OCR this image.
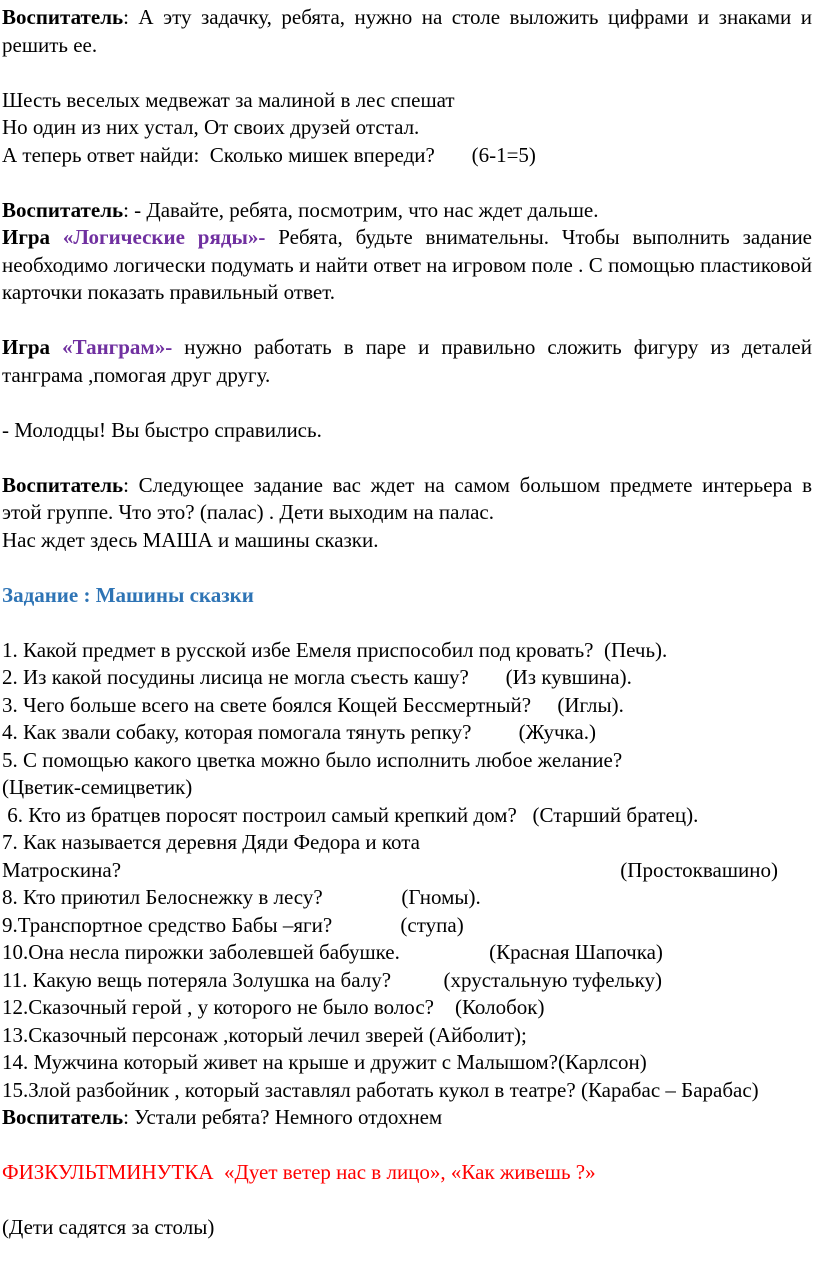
Воспитатель: А эту задачку, ребята, нужно на столе выложить цифрами и знаками и решить ее.

Шесть веселых медвежат за малиной в лес спешат

Но один из них устал, От своих друзей отстал.

А теперь ответ найди:  Сколько мишек впереди?       (6-1=5)

Воспитатель: - Давайте, ребята, посмотрим, что нас ждет дальше.

Игра «Логические ряды»- Ребята, будьте внимательны. Чтобы выполнить задание необходимо логически подумать и найти ответ на игровом поле . С помощью пластиковой карточки показать правильный ответ.

Игра «Танграм»- нужно работать в паре и правильно сложить фигуру из деталей танграма ,помогая друг другу.

- Молодцы! Вы быстро справились.

Воспитатель: Следующее задание вас ждет на самом большом предмете интерьера в этой группе. Что это? (палас) . Дети выходим на палас.

Нас ждет здесь МАША и машины сказки.

Задание : Машины сказки

1. Какой предмет в русской избе Емеля приспособил под кровать?  (Печь).

2. Из какой посудины лисица не могла съесть кашу?       (Из кувшина).

3. Чего больше всего на свете боялся Кощей Бессмертный?     (Иглы).

4. Как звали собаку, которая помогала тянуть репку?         (Жучка.)

5. С помощью какого цветка можно было исполнить любое желание?

(Цветик-семицветик)

6. Кто из братцев поросят построил самый крепкий дом?   (Старший братец).

7. Как называется деревня Дяди Федора и кота

Матроскина?	(Простоквашино)

8. Кто приютил Белоснежку в лесу?               (Гномы).

9.Транспортное средство Бабы –яги?             (ступа)

10.Она несла пирожки заболевшей бабушке.                 (Красная Шапочка)

11. Какую вещь потеряла Золушка на балу?          (хрустальную туфельку)

12.Сказочный герой , у которого не было волос?    (Колобок)

13.Сказочный персонаж ,который лечил зверей (Айболит);

14. Мужчина который живет на крыше и дружит с Малышом?(Карлсон)

15.Злой разбойник , который заставлял работать кукол в театре? (Карабас – Барабас)

Воспитатель: Устали ребята? Немного отдохнем

ФИЗКУЛЬТМИНУТКА  «Дует ветер нас в лицо», «Как живешь ?»

(Дети садятся за столы)
